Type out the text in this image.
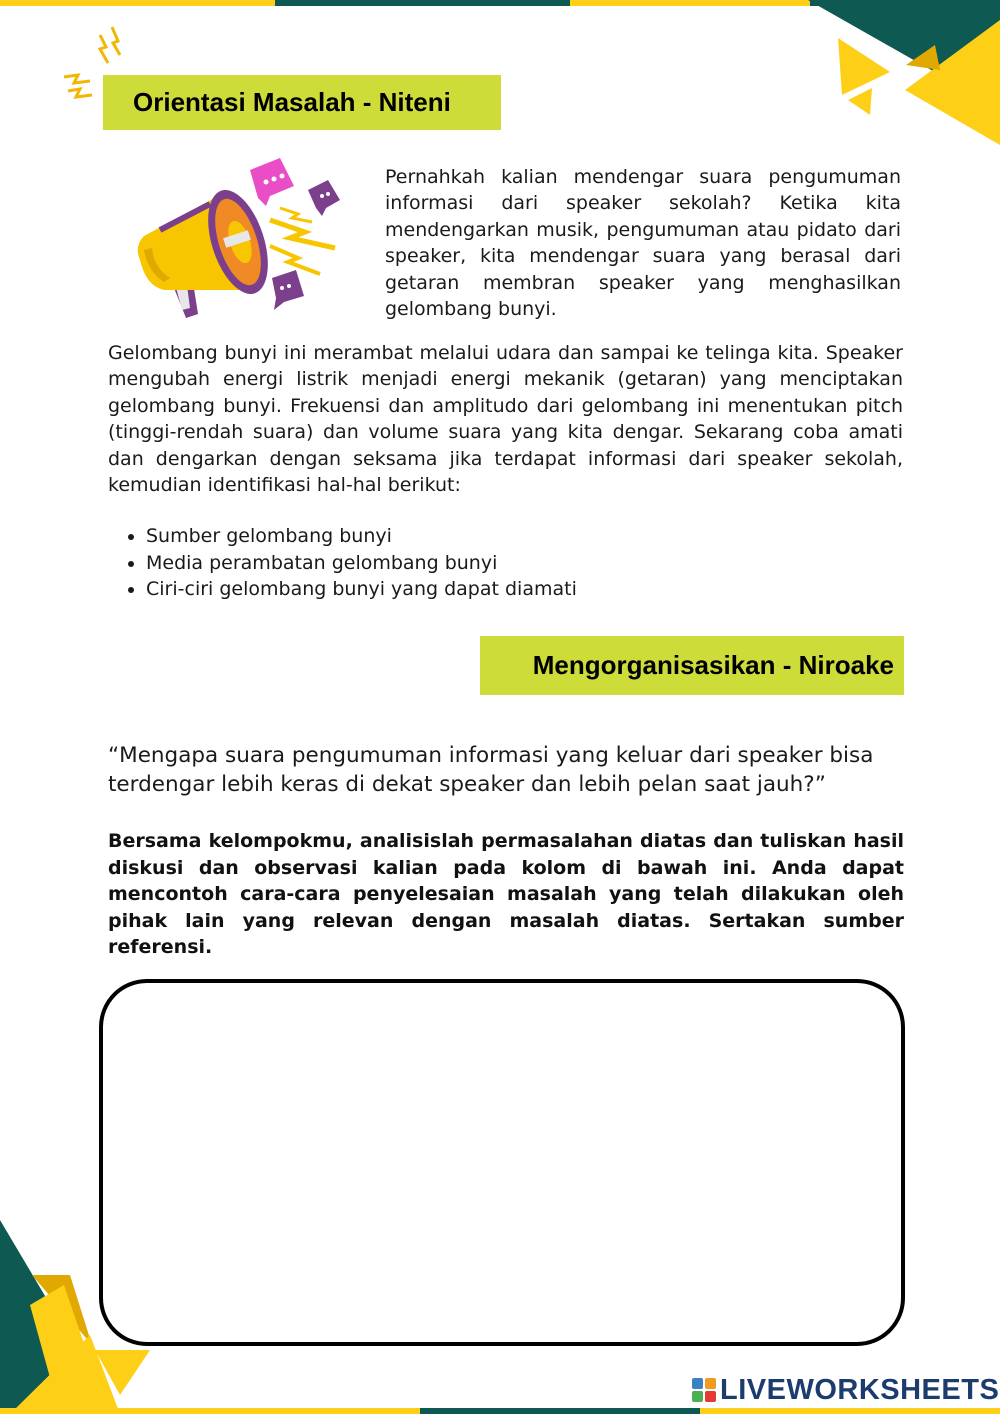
Orientasi Masalah - Niteni

Pernahkah kalian mendengar suara pengumuman informasi dari speaker sekolah? Ketika kita mendengarkan musik, pengumuman atau pidato dari speaker, kita mendengar suara yang berasal dari getaran membran speaker yang menghasilkan gelombang bunyi.

Gelombang bunyi ini merambat melalui udara dan sampai ke telinga kita. Speaker mengubah energi listrik menjadi energi mekanik (getaran) yang menciptakan gelombang bunyi. Frekuensi dan amplitudo dari gelombang ini menentukan pitch (tinggi-rendah suara) dan volume suara yang kita dengar. Sekarang coba amati dan dengarkan dengan seksama jika terdapat informasi dari speaker sekolah, kemudian identifikasi hal-hal berikut:

• Sumber gelombang bunyi
• Media perambatan gelombang bunyi
• Ciri-ciri gelombang bunyi yang dapat diamati
Mengorganisasikan - Niroake

“Mengapa suara pengumuman informasi yang keluar dari speaker bisa terdengar lebih keras di dekat speaker dan lebih pelan saat jauh?”

Bersama kelompokmu, analisislah permasalahan diatas dan tuliskan hasil diskusi dan observasi kalian pada kolom di bawah ini. Anda dapat mencontoh cara-cara penyelesaian masalah yang telah dilakukan oleh pihak lain yang relevan dengan masalah diatas. Sertakan sumber referensi.

LIVEWORKSHEETS
